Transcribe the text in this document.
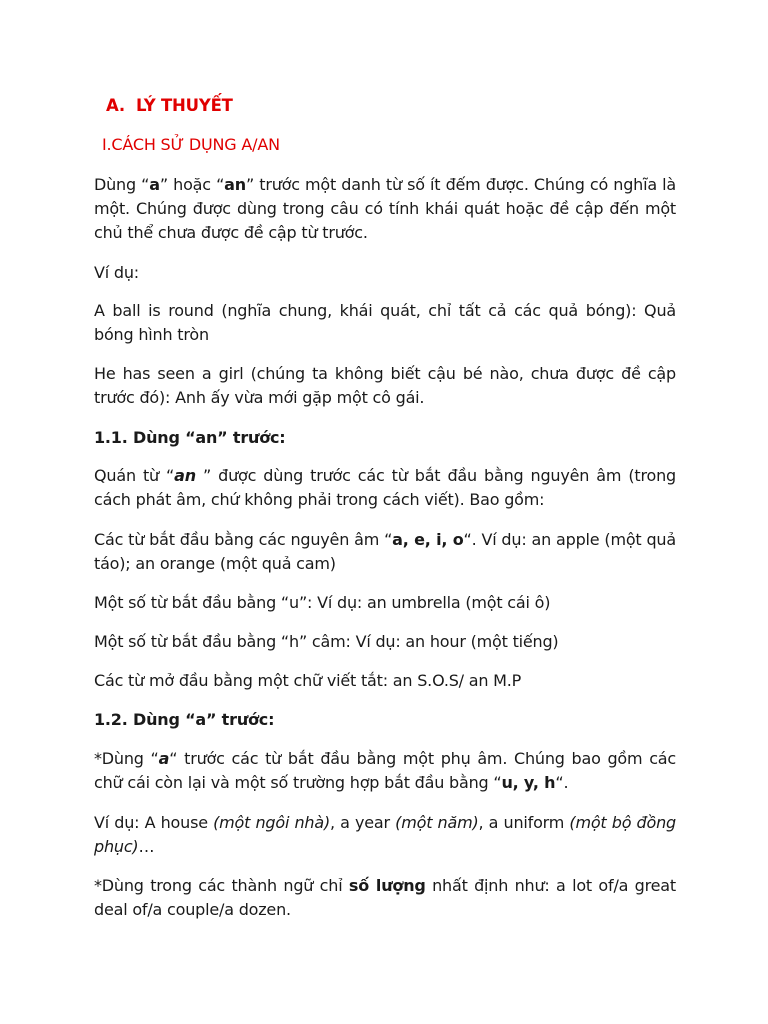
A. LÝ THUYẾT
I.CÁCH SỬ DỤNG A/AN

Dùng “a” hoặc “an” trước một danh từ số ít đếm được. Chúng có nghĩa là một. Chúng được dùng trong câu có tính khái quát hoặc đề cập đến một chủ thể chưa được đề cập từ trước.

Ví dụ:

A ball is round (nghĩa chung, khái quát, chỉ tất cả các quả bóng): Quả bóng hình tròn

He has seen a girl (chúng ta không biết cậu bé nào, chưa được đề cập trước đó): Anh ấy vừa mới gặp một cô gái.

1.1. Dùng “an” trước:

Quán từ “an ” được dùng trước các từ bắt đầu bằng nguyên âm (trong cách phát âm, chứ không phải trong cách viết). Bao gồm:

Các từ bắt đầu bằng các nguyên âm “a, e, i, o“. Ví dụ: an apple (một quả táo); an orange (một quả cam)

Một số từ bắt đầu bằng “u”: Ví dụ: an umbrella (một cái ô)

Một số từ bắt đầu bằng “h” câm: Ví dụ: an hour (một tiếng)

Các từ mở đầu bằng một chữ viết tắt: an S.O.S/ an M.P

1.2. Dùng “a” trước:

*Dùng “a“ trước các từ bắt đầu bằng một phụ âm. Chúng bao gồm các chữ cái còn lại và một số trường hợp bắt đầu bằng “u, y, h“.

Ví dụ: A house (một ngôi nhà), a year (một năm), a uniform (một bộ đồng phục)…

*Dùng trong các thành ngữ chỉ số lượng nhất định như: a lot of/a great deal of/a couple/a dozen.
